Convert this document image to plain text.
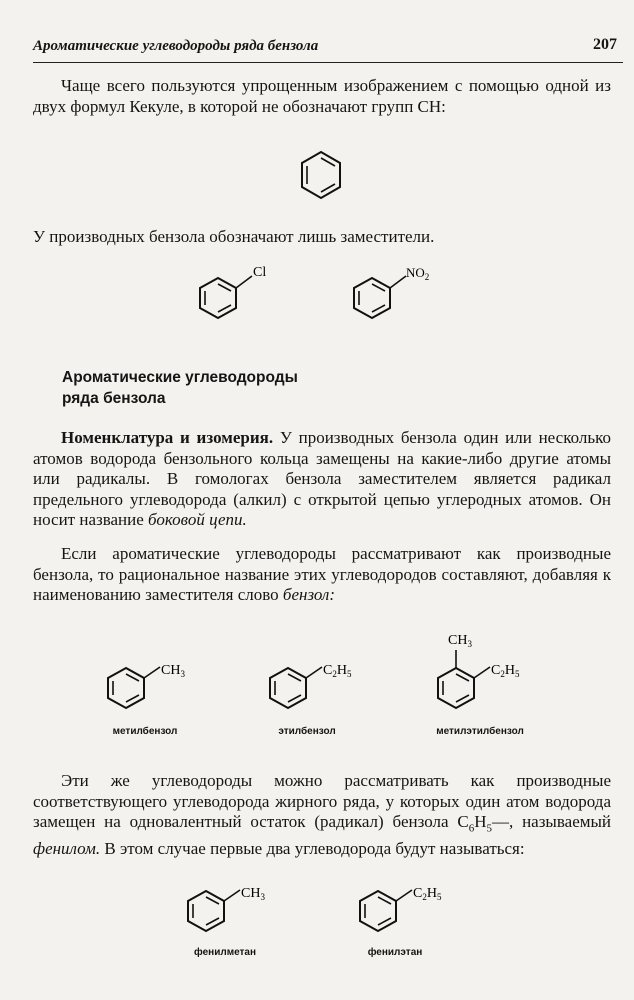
Ароматические углеводороды ряда бензола	207

Чаще всего пользуются упрощенным изображением с помощью одной из двух формул Кекуле, в которой не обозначают групп СН:

У производных бензола обозначают лишь заместители.

Cl	$NO_2$
Ароматические углеводороды
ряда бензола

Номенклатура и изомерия. У производных бензола один или несколько атомов водорода бензольного кольца замещены на какие-либо другие атомы или радикалы. В гомологах бензола заместителем является радикал предельного углеводорода (алкил) с открытой цепью углеродных атомов. Он носит название боковой цепи.

Если ароматические углеводороды рассматривают как производные бензола, то рациональное название этих углеводородов составляют, добавляя к наименованию заместителя слово бензол:

$CH_3$
метилбензол
$C_2H_5$
этилбензол
$CH_3$
$C_2H_5$
метилэтилбензол

Эти же углеводороды можно рассматривать как производные соответствующего углеводорода жирного ряда, у которых один атом водорода замещен на одновалентный остаток (радикал) бензола $C_6H_5—$, называемый фенилом. В этом случае первые два углеводорода будут называться:

$CH_3$
фенилметан
$C_2H_5$
фенилэтан
